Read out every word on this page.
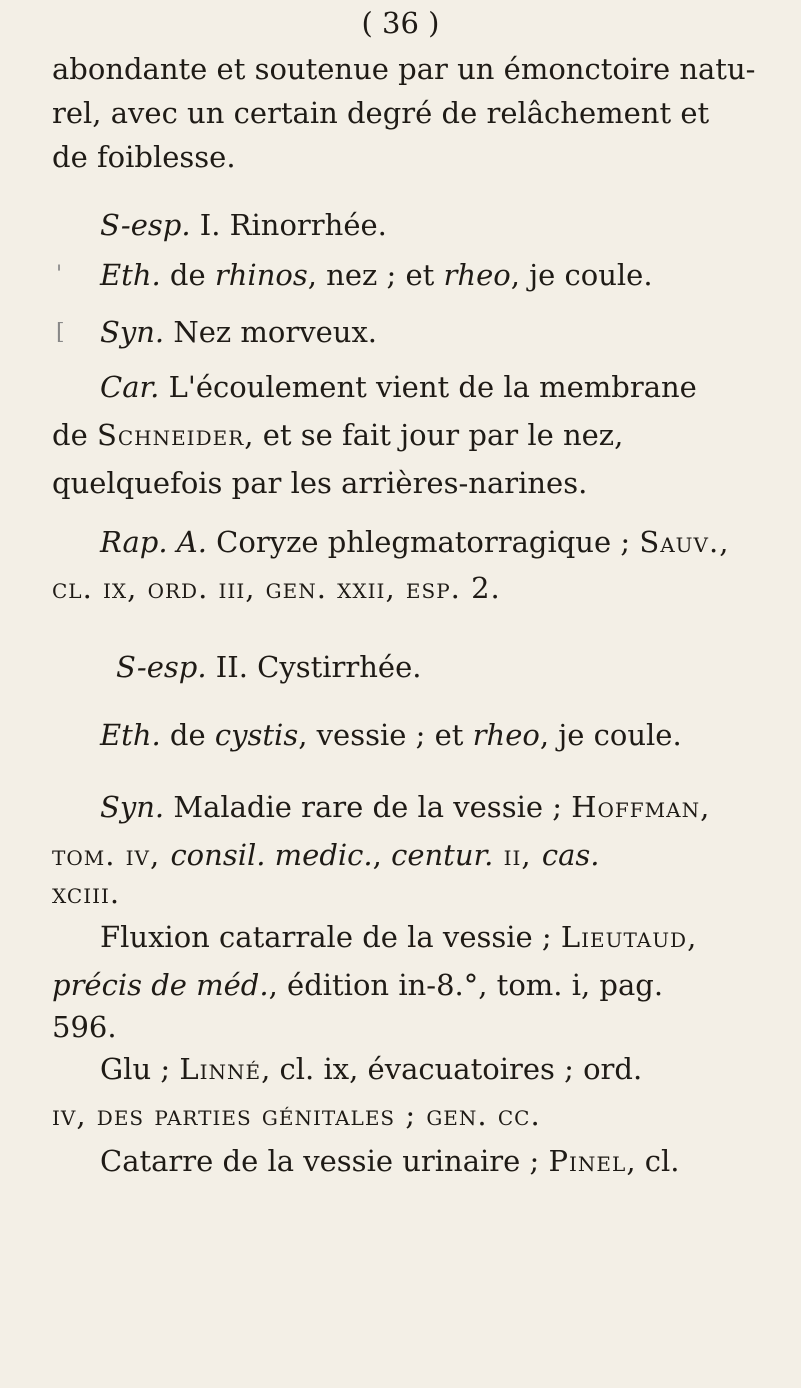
( 36 )
abondante et soutenue par un émonctoire natu-
rel, avec un certain degré de relâchement et
de foiblesse.
S-esp. I. Rinorrhée.
' Eth. de rhinos, nez ; et rheo, je coule.
[ Syn. Nez morveux.
Car. L'écoulement vient de la membrane
de Schneider, et se fait jour par le nez,
quelquefois par les arrières-narines.
Rap. A. Coryze phlegmatorragique ; Sauv.,
cl. ix, ord. iii, gen. xxii, esp. 2.
S-esp. II. Cystirrhée.
Eth. de cystis, vessie ; et rheo, je coule.
Syn. Maladie rare de la vessie ; Hoffman,
tom. iv, consil. medic., centur. ii, cas.
xciii.
Fluxion catarrale de la vessie ; Lieutaud,
précis de méd., édition in-8.°, tom. i, pag.
596.
Glu ; Linné, cl. ix, évacuatoires ; ord.
iv, des parties génitales ; gen. cc.
Catarre de la vessie urinaire ; Pinel, cl.
